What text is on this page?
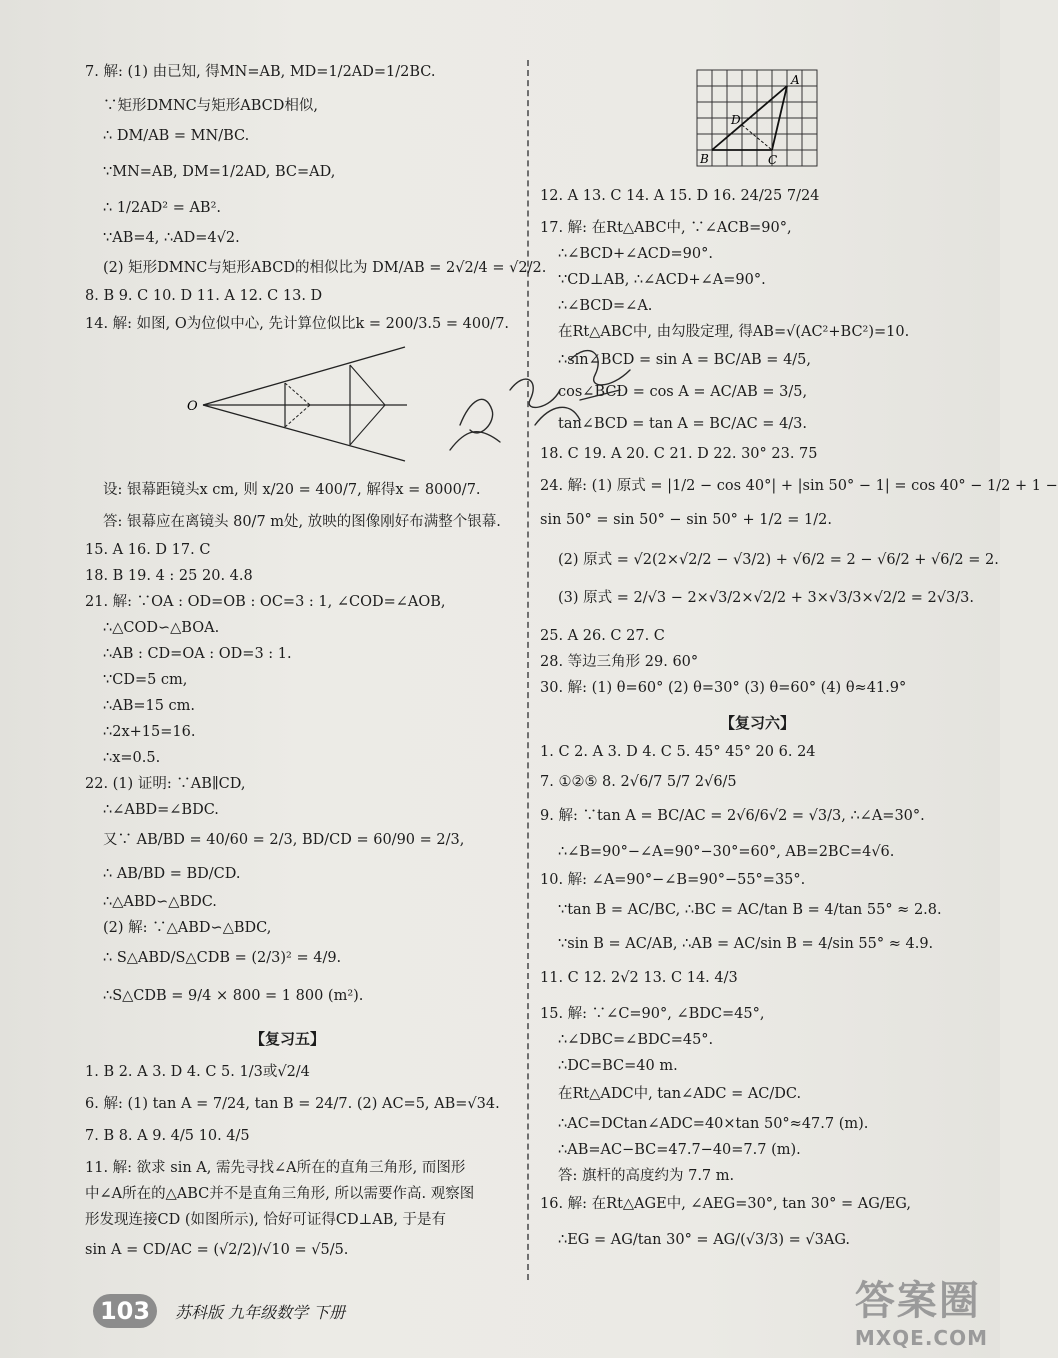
7. 解: (1) 由已知, 得MN=AB, MD=1/2AD=1/2BC.
∵矩形DMNC与矩形ABCD相似,
∴ DM/AB = MN/BC.
∵MN=AB, DM=1/2AD, BC=AD,
∴ 1/2AD² = AB².
∵AB=4, ∴AD=4√2.
(2) 矩形DMNC与矩形ABCD的相似比为 DM/AB = 2√2/4 = √2/2.
8. B 9. C 10. D 11. A 12. C 13. D
14. 解: 如图, O为位似中心, 先计算位似比k = 200/3.5 = 400/7.
O
设: 银幕距镜头x cm, 则 x/20 = 400/7, 解得x = 8000/7.
答: 银幕应在离镜头 80/7 m处, 放映的图像刚好布满整个银幕.
15. A 16. D 17. C
18. B 19. 4 : 25 20. 4.8
21. 解: ∵OA : OD=OB : OC=3 : 1, ∠COD=∠AOB,
∴△COD∽△BOA.
∴AB : CD=OA : OD=3 : 1.
∵CD=5 cm,
∴AB=15 cm.
∴2x+15=16.
∴x=0.5.
22. (1) 证明: ∵AB∥CD,
∴∠ABD=∠BDC.
又∵ AB/BD = 40/60 = 2/3, BD/CD = 60/90 = 2/3,
∴ AB/BD = BD/CD.
∴△ABD∽△BDC.
(2) 解: ∵△ABD∽△BDC,
∴ S△ABD/S△CDB = (2/3)² = 4/9.
∴S△CDB = 9/4 × 800 = 1 800 (m²).
【复习五】
1. B 2. A 3. D 4. C 5. 1/3或√2/4
6. 解: (1) tan A = 7/24, tan B = 24/7. (2) AC=5, AB=√34.
7. B 8. A 9. 4/5 10. 4/5
11. 解: 欲求 sin A, 需先寻找∠A所在的直角三角形, 而图形
中∠A所在的△ABC并不是直角三角形, 所以需要作高. 观察图
形发现连接CD (如图所示), 恰好可证得CD⊥AB, 于是有
sin A = CD/AC = (√2/2)/√10 = √5/5.
A
D
B	C
12. A 13. C 14. A 15. D 16. 24/25 7/24
17. 解: 在Rt△ABC中, ∵∠ACB=90°,
∴∠BCD+∠ACD=90°.
∵CD⊥AB, ∴∠ACD+∠A=90°.
∴∠BCD=∠A.
在Rt△ABC中, 由勾股定理, 得AB=√(AC²+BC²)=10.
∴sin∠BCD = sin A = BC/AB = 4/5,
cos∠BCD = cos A = AC/AB = 3/5,
tan∠BCD = tan A = BC/AC = 4/3.
18. C 19. A 20. C 21. D 22. 30° 23. 75
24. 解: (1) 原式 = |1/2 − cos 40°| + |sin 50° − 1| = cos 40° − 1/2 + 1 −
sin 50° = sin 50° − sin 50° + 1/2 = 1/2.
(2) 原式 = √2(2×√2/2 − √3/2) + √6/2 = 2 − √6/2 + √6/2 = 2.
(3) 原式 = 2/√3 − 2×√3/2×√2/2 + 3×√3/3×√2/2 = 2√3/3.
25. A 26. C 27. C
28. 等边三角形 29. 60°
30. 解: (1) θ=60° (2) θ=30° (3) θ=60° (4) θ≈41.9°
【复习六】
1. C 2. A 3. D 4. C 5. 45° 45° 20 6. 24
7. ①②⑤ 8. 2√6/7 5/7 2√6/5
9. 解: ∵tan A = BC/AC = 2√6/6√2 = √3/3, ∴∠A=30°.
∴∠B=90°−∠A=90°−30°=60°, AB=2BC=4√6.
10. 解: ∠A=90°−∠B=90°−55°=35°.
∵tan B = AC/BC, ∴BC = AC/tan B = 4/tan 55° ≈ 2.8.
∵sin B = AC/AB, ∴AB = AC/sin B = 4/sin 55° ≈ 4.9.
11. C 12. 2√2 13. C 14. 4/3
15. 解: ∵∠C=90°, ∠BDC=45°,
∴∠DBC=∠BDC=45°.
∴DC=BC=40 m.
在Rt△ADC中, tan∠ADC = AC/DC.
∴AC=DCtan∠ADC=40×tan 50°≈47.7 (m).
∴AB=AC−BC=47.7−40=7.7 (m).
答: 旗杆的高度约为 7.7 m.
16. 解: 在Rt△AGE中, ∠AEG=30°, tan 30° = AG/EG,
∴EG = AG/tan 30° = AG/(√3/3) = √3AG.
103	苏科版 九年级数学 下册	答案圈
MXQE.COM
